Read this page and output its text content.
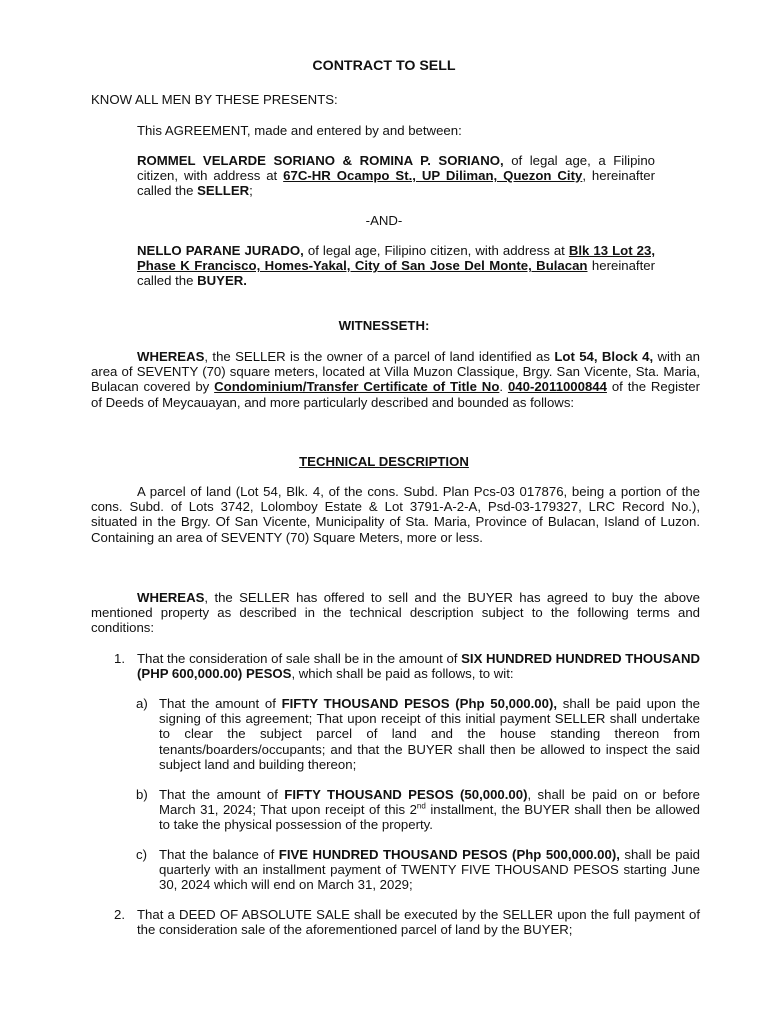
CONTRACT TO SELL
KNOW ALL MEN BY THESE PRESENTS:
This AGREEMENT, made and entered by and between:
ROMMEL VELARDE SORIANO & ROMINA P. SORIANO, of legal age, a Filipino citizen, with address at 67C-HR Ocampo St., UP Diliman, Quezon City, hereinafter called the SELLER;
-AND-
NELLO PARANE JURADO, of legal age, Filipino citizen, with address at Blk 13 Lot 23, Phase K Francisco, Homes-Yakal, City of San Jose Del Monte, Bulacan hereinafter called the BUYER.
WITNESSETH:
WHEREAS, the SELLER is the owner of a parcel of land identified as Lot 54, Block 4, with an area of SEVENTY (70) square meters, located at Villa Muzon Classique, Brgy. San Vicente, Sta. Maria, Bulacan covered by Condominium/Transfer Certificate of Title No. 040-2011000844 of the Register of Deeds of Meycauayan, and more particularly described and bounded as follows:
TECHNICAL DESCRIPTION
A parcel of land (Lot 54, Blk. 4, of the cons. Subd. Plan Pcs-03 017876, being a portion of the cons. Subd. of Lots 3742, Lolomboy Estate & Lot 3791-A-2-A, Psd-03-179327, LRC Record No.), situated in the Brgy. Of San Vicente, Municipality of Sta. Maria, Province of Bulacan, Island of Luzon. Containing an area of SEVENTY (70) Square Meters, more or less.
WHEREAS, the SELLER has offered to sell and the BUYER has agreed to buy the above mentioned property as described in the technical description subject to the following terms and conditions:
1. That the consideration of sale shall be in the amount of SIX HUNDRED HUNDRED THOUSAND (PHP 600,000.00) PESOS, which shall be paid as follows, to wit:
a) That the amount of FIFTY THOUSAND PESOS (Php 50,000.00), shall be paid upon the signing of this agreement; That upon receipt of this initial payment SELLER shall undertake to clear the subject parcel of land and the house standing thereon from tenants/boarders/occupants; and that the BUYER shall then be allowed to inspect the said subject land and building thereon;
b) That the amount of FIFTY THOUSAND PESOS (50,000.00), shall be paid on or before March 31, 2024; That upon receipt of this 2nd installment, the BUYER shall then be allowed to take the physical possession of the property.
c) That the balance of FIVE HUNDRED THOUSAND PESOS (Php 500,000.00), shall be paid quarterly with an installment payment of TWENTY FIVE THOUSAND PESOS starting June 30, 2024 which will end on March 31, 2029;
2. That a DEED OF ABSOLUTE SALE shall be executed by the SELLER upon the full payment of the consideration sale of the aforementioned parcel of land by the BUYER;
